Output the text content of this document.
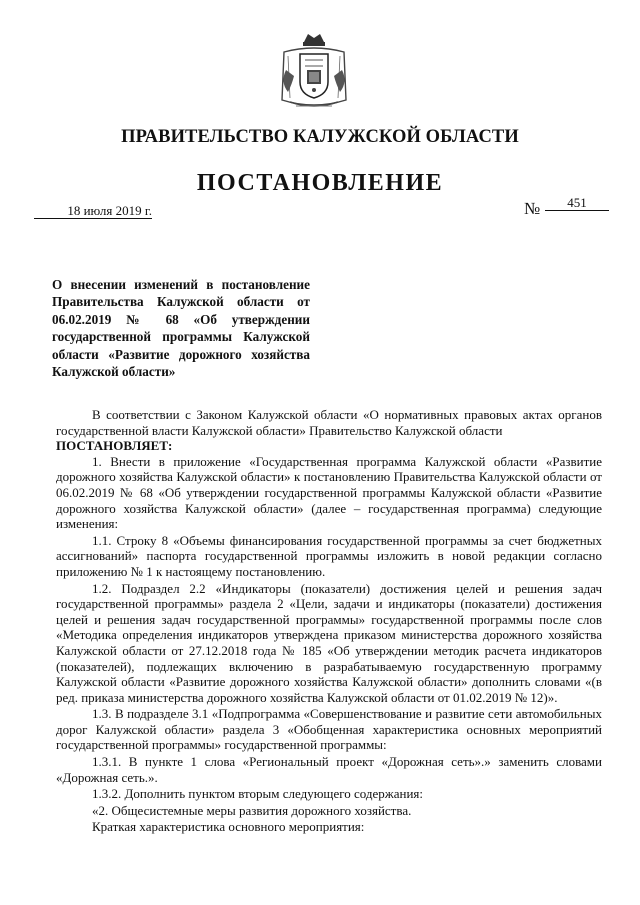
ПРАВИТЕЛЬСТВО КАЛУЖСКОЙ ОБЛАСТИ
ПОСТАНОВЛЕНИЕ
18 июля 2019 г.	№	451
О внесении изменений в постановление Правительства Калужской области от 06.02.2019 № 68 «Об утверждении государственной программы Калужской области «Развитие дорожного хозяйства Калужской области»

В соответствии с Законом Калужской области «О нормативных правовых актах органов государственной власти Калужской области» Правительство Калужской области

ПОСТАНОВЛЯЕТ:

1. Внести в приложение «Государственная программа Калужской области «Развитие дорожного хозяйства Калужской области» к постановлению Правительства Калужской области от 06.02.2019 № 68 «Об утверждении государственной программы Калужской области «Развитие дорожного хозяйства Калужской области» (далее – государственная программа) следующие изменения:

1.1. Строку 8 «Объемы финансирования государственной программы за счет бюджетных ассигнований» паспорта государственной программы изложить в новой редакции согласно приложению № 1 к настоящему постановлению.

1.2. Подраздел 2.2 «Индикаторы (показатели) достижения целей и решения задач государственной программы» раздела 2 «Цели, задачи и индикаторы (показатели) достижения целей и решения задач государственной программы» государственной программы после слов «Методика определения индикаторов утверждена приказом министерства дорожного хозяйства Калужской области от 27.12.2018 года № 185 «Об утверждении методик расчета индикаторов (показателей), подлежащих включению в разрабатываемую государственную программу Калужской области «Развитие дорожного хозяйства Калужской области» дополнить словами «(в ред. приказа министерства дорожного хозяйства Калужской области от 01.02.2019 № 12)».

1.3. В подразделе 3.1 «Подпрограмма «Совершенствование и развитие сети автомобильных дорог Калужской области» раздела 3 «Обобщенная характеристика основных мероприятий государственной программы» государственной программы:

1.3.1. В пункте 1 слова «Региональный проект «Дорожная сеть».» заменить словами «Дорожная сеть.».

1.3.2. Дополнить пунктом вторым следующего содержания:

«2. Общесистемные меры развития дорожного хозяйства.

Краткая характеристика основного мероприятия:
